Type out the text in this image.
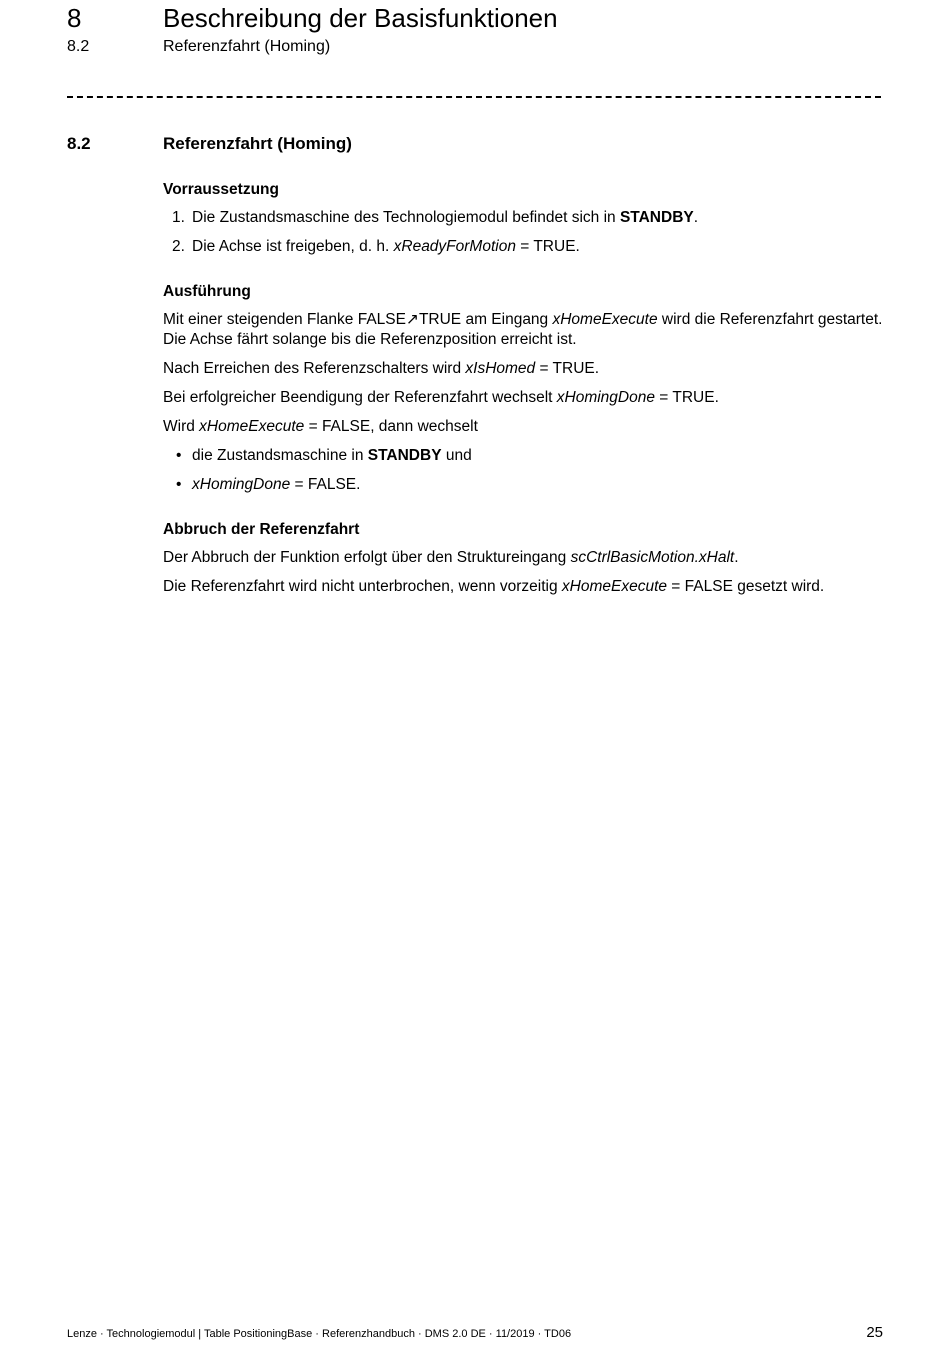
8	Beschreibung der Basisfunktionen
8.2	Referenzfahrt (Homing)
8.2	Referenzfahrt (Homing)
Vorraussetzung
1. Die Zustandsmaschine des Technologiemodul befindet sich in STANDBY.
2. Die Achse ist freigeben, d. h. xReadyForMotion = TRUE.
Ausführung

Mit einer steigenden Flanke FALSE↗TRUE am Eingang xHomeExecute wird die Referenzfahrt gestartet. Die Achse fährt solange bis die Referenzposition erreicht ist.

Nach Erreichen des Referenzschalters wird xIsHomed = TRUE.

Bei erfolgreicher Beendigung der Referenzfahrt wechselt xHomingDone = TRUE.

Wird xHomeExecute = FALSE, dann wechselt

• die Zustandsmaschine in STANDBY und
• xHomingDone = FALSE.
Abbruch der Referenzfahrt

Der Abbruch der Funktion erfolgt über den Struktureingang scCtrlBasicMotion.xHalt.

Die Referenzfahrt wird nicht unterbrochen, wenn vorzeitig xHomeExecute = FALSE gesetzt wird.

Lenze · Technologiemodul | Table PositioningBase · Referenzhandbuch · DMS 2.0 DE · 11/2019 · TD06	25
